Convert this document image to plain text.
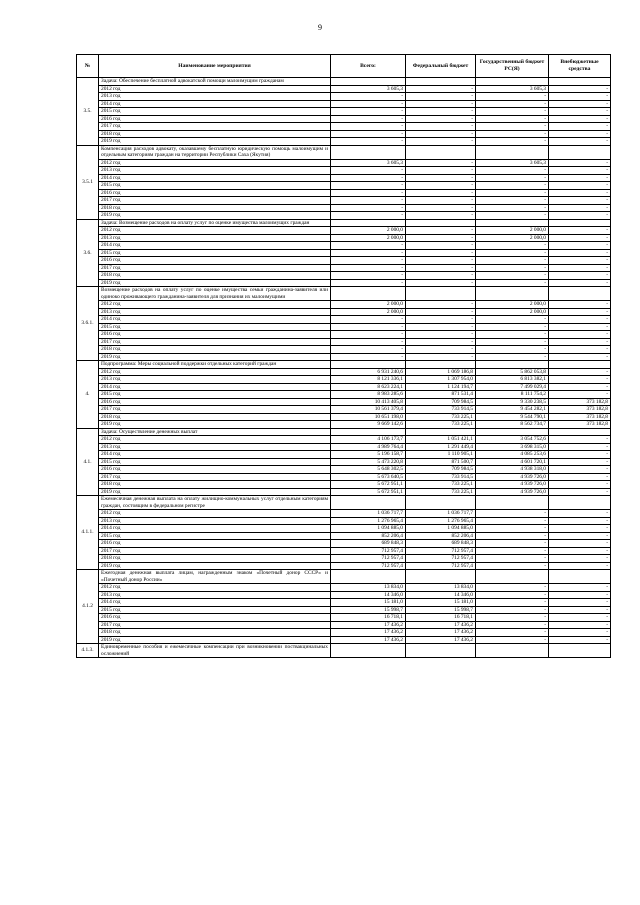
9
№	Наименование мероприятия	Всего:	Федеральный бюджет	Государственный бюджет РС(Я)	Внебюджетные средства
3.5.	Задача: Обеспечение бесплатной адвокатской помощи малоимущим гражданам				
	2012 год	3 605,3	-	3 605,3	-
	2013 год	-	-	-	-
	2014 год	-	-	-	-
	2015 год	-	-	-	-
	2016 год	-	-	-	-
	2017 год	-	-	-	-
	2018 год	-	-	-	-
	2019 год	-	-	-	-
3.5.1	Компенсация расходов адвокату, оказавшему бесплатную юридическую помощь малоимущим и отдельным категориям граждан на территории Республики Саха (Якутия)				
	2012 год	3 605,3	-	3 605,3	-
	2013 год	-	-	-	-
	2014 год	-	-	-	-
	2015 год	-	-	-	-
	2016 год	-	-	-	-
	2017 год	-	-	-	-
	2018 год	-	-	-	-
	2019 год	-	-	-	-
3.6.	Задача: Возмещение расходов на оплату услуг по оценке имущества малоимущих граждан				
	2012 год	2 000,0	-	2 000,0	-
	2013 год	2 000,0	-	2 000,0	-
	2014 год	-	-	-	-
	2015 год	-	-	-	-
	2016 год	-	-	-	-
	2017 год	-	-	-	-
	2018 год	-	-	-	-
	2019 год	-	-	-	-
3.6.1.	Возмещение расходов на оплату услуг по оценке имущества семьи гражданина-заявителя или одиноко проживающего гражданина-заявителя для признания их малоимущими				
	2012 год	2 000,0	-	2 000,0	-
	2013 год	2 000,0	-	2 000,0	-
	2014 год	-	-	-	-
	2015 год	-	-	-	-
	2016 год	-	-	-	-
	2017 год	-	-	-	-
	2018 год	-	-	-	-
	2019 год	-	-	-	-
4.	Подпрограмма: Меры социальной поддержки отдельных категорий граждан				
	2012 год	6 931 240,6	1 069 186,8	5 862 053,8	-
	2013 год	8 121 336,1	1 307 954,0	6 813 382,1	-
	2014 год	8 623 224,1	1 124 194,7	7 499 029,4	-
	2015 год	8 983 285,6	871 531,4	8 111 754,2	-
	2016 год	10 413 405,8	709 984,5	9 330 238,5	373 182,8
	2017 год	10 561 379,4	733 914,5	9 454 282,1	373 182,8
	2018 год	10 651 198,0	733 225,1	9 544 790,1	373 182,8
	2019 год	9 669 142,6	733 225,1	8 562 734,7	373 182,8
4.1.	Задача: Осуществление денежных выплат				
	2012 год	4 106 173,7	1 051 421,1	3 054 752,6	-
	2013 год	4 989 764,4	1 291 449,4	3 698 315,0	-
	2014 год	5 196 158,7	1 110 905,1	4 085 253,6	-
	2015 год	5 473 220,8	871 500,7	4 601 720,1	-
	2016 год	5 648 302,5	709 984,5	4 938 318,0	-
	2017 год	5 673 640,5	733 914,5	4 939 726,0	-
	2018 год	5 672 951,1	733 225,1	4 939 726,0	-
	2019 год	5 672 951,1	733 225,1	4 939 726,0	-
4.1.1.	Ежемесячная денежная выплата на оплату жилищно-коммунальных услуг отдельным категориям граждан, состоящим в федеральном регистре				
	2012 год	1 036 717,7	1 036 717,7	-	-
	2013 год	1 276 965,4	1 276 965,4	-	-
	2014 год	1 094 885,0	1 094 885,0	-	-
	2015 год	852 206,4	852 206,4	-	-
	2016 год	689 848,3	689 848,3	-	-
	2017 год	712 957,4	712 957,4	-	-
	2018 год	712 957,4	712 957,4	-	-
	2019 год	712 957,4	712 957,4	-	-
4.1.2	Ежегодная денежная выплата лицам, награжденным знаком «Почетный донор СССР» и «Почетный донор России»				
	2012 год	13 834,0	13 834,0	-	-
	2013 год	14 346,0	14 346,0	-	-
	2014 год	15 181,0	15 181,0	-	-
	2015 год	15 998,7	15 998,7	-	-
	2016 год	16 718,1	16 718,1	-	-
	2017 год	17 436,2	17 436,2	-	-
	2018 год	17 436,2	17 436,2	-	-
	2019 год	17 436,2	17 436,2	-	-
4.1.3.	Единовременные пособия и ежемесячные компенсации при возникновении поствакцинальных осложнений				
